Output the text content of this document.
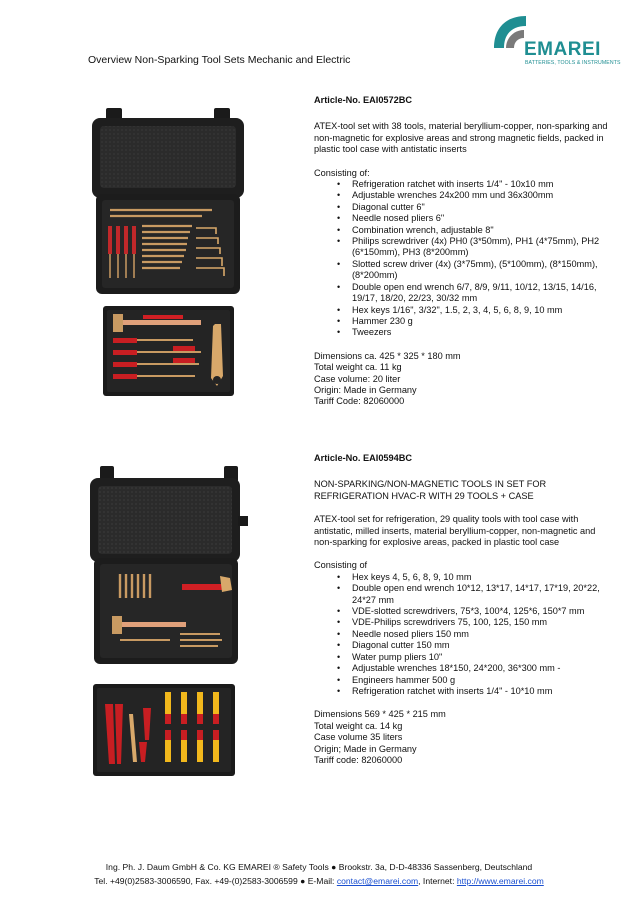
Overview Non-Sparking Tool Sets Mechanic and Electric	EMAREI
BATTERIES, TOOLS & INSTRUMENTS
Article-No. EAI0572BC

ATEX-tool set with 38 tools, material beryllium-copper, non-sparking and non-magnetic for explosive areas and strong magnetic fields, packed in plastic tool case with antistatic inserts

Consisting of:
• Refrigeration ratchet with inserts 1/4" - 10x10 mm
• Adjustable wrenches 24x200 mm und 36x300mm
• Diagonal cutter 6"
• Needle nosed pliers 6"
• Combination wrench, adjustable 8"
• Philips screwdriver (4x) PH0 (3*50mm), PH1 (4*75mm), PH2 (6*150mm), PH3 (8*200mm)
• Slotted screw driver (4x) (3*75mm), (5*100mm), (8*150mm), (8*200mm)
• Double open end wrench 6/7, 8/9, 9/11, 10/12, 13/15, 14/16, 19/17, 18/20, 22/23, 30/32 mm
• Hex keys 1/16", 3/32", 1.5, 2, 3, 4, 5, 6, 8, 9, 10 mm
• Hammer 230 g
• Tweezers
Dimensions ca. 425 * 325 * 180 mm
Total weight ca. 11 kg
Case volume: 20 liter
Origin: Made in Germany
Tariff Code: 82060000
Article-No. EAI0594BC

NON-SPARKING/NON-MAGNETIC TOOLS IN SET FOR REFRIGERATION HVAC-R WITH 29 TOOLS + CASE

ATEX-tool set for refrigeration, 29 quality tools with tool case with antistatic, milled inserts, material beryllium-copper, non-magnetic and non-sparking for explosive areas, packed in plastic tool case

Consisting of
• Hex keys 4, 5, 6, 8, 9, 10 mm
• Double open end wrench 10*12, 13*17, 14*17, 17*19, 20*22, 24*27 mm
• VDE-slotted screwdrivers, 75*3, 100*4, 125*6, 150*7 mm
• VDE-Philips screwdrivers 75, 100, 125, 150 mm
• Needle nosed pliers 150 mm
• Diagonal cutter 150 mm
• Water pump pliers 10"
• Adjustable wrenches 18*150, 24*200, 36*300 mm -
• Engineers hammer 500 g
• Refrigeration ratchet with inserts 1/4" - 10*10 mm
Dimensions 569 * 425 * 215 mm
Total weight ca. 14 kg
Case volume 35 liters
Origin; Made in Germany
Tariff code: 82060000
Ing. Ph. J. Daum GmbH & Co. KG EMAREI ® Safety Tools ● Brookstr. 3a, D-D-48336 Sassenberg, Deutschland
Tel. +49(0)2583-3006590, Fax. +49-(0)2583-3006599 ● E-Mail: contact@emarei.com, Internet: http://www.emarei.com
